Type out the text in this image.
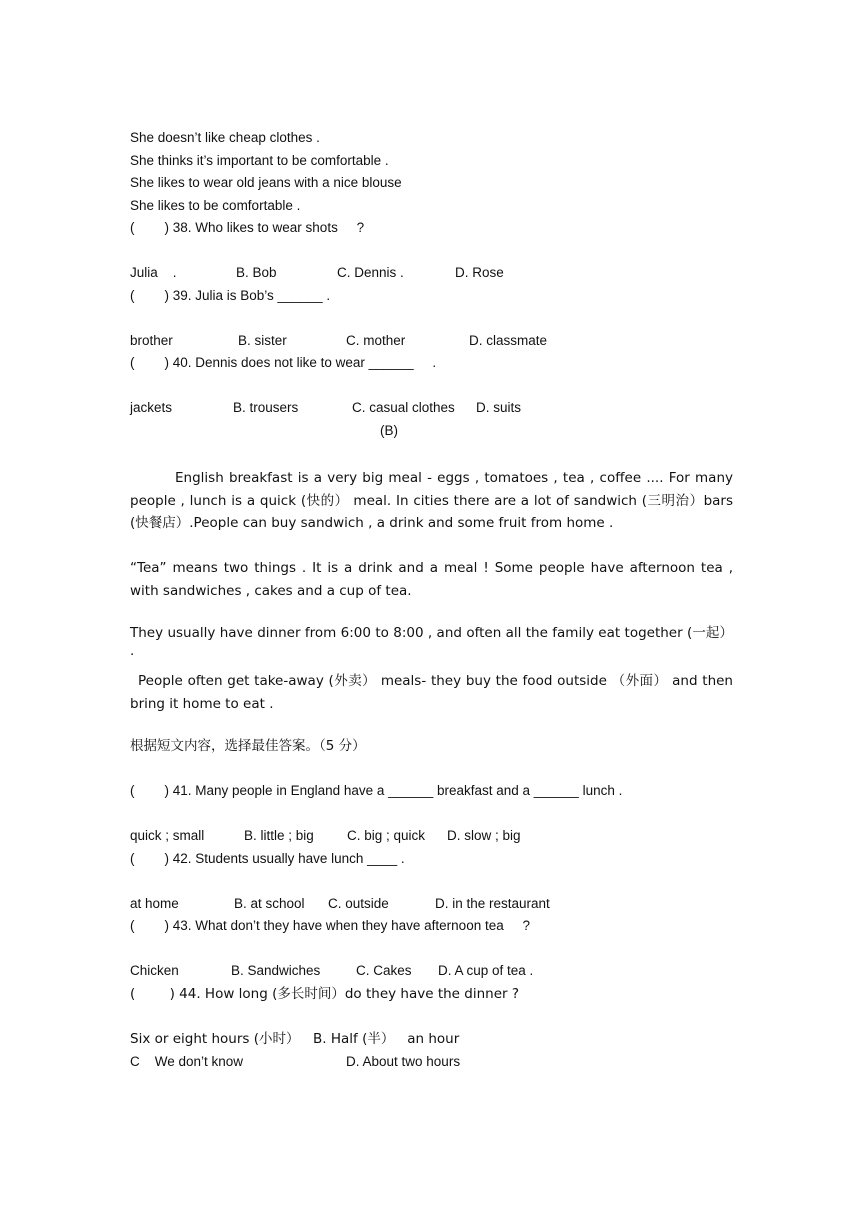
She doesn’t like cheap clothes .
She thinks it’s important to be comfortable .
She likes to wear old jeans with a nice blouse
She likes to be comfortable .
(        ) 38. Who likes to wear shots     ?
Julia    .	B. Bob	C. Dennis .	D. Rose
(        ) 39. Julia is Bob’s ______ .
brother	B. sister	C. mother	D. classmate
(        ) 40. Dennis does not like to wear ______     .
jackets	B. trousers	C. casual clothes D. suits
(B)
English breakfast is a very big meal - eggs , tomatoes , tea , coffee .... For many people , lunch is a quick (快的） meal. In cities there are a lot of sandwich (三明治）bars (快餐店）.People can buy sandwich , a drink and some fruit from home .
“Tea” means two things . It is a drink and a meal ! Some people have afternoon tea , with sandwiches , cakes and a cup of tea.
They usually have dinner from 6:00 to 8:00 , and often all the family eat together (一起） .
People often get take-away (外卖） meals- they buy the food outside （外面） and then bring it home to eat .
根据短文内容，选择最佳答案。（5 分）
(        ) 41. Many people in England have a ______ breakfast and a ______ lunch .
quick ; small	B. little ; big C. big ; quick D. slow ; big
(        ) 42. Students usually have lunch ____ .
at home	B. at school C. outside	D. in the restaurant
(        ) 43. What don’t they have when they have afternoon tea     ?
Chicken	B. Sandwiches	C. Cakes D. A cup of tea .
(        ) 44. How long (多长时间）do they have the dinner ?
Six or eight hours (小时） B. Half (半）   an hour
C    We don’t know	D. About two hours
